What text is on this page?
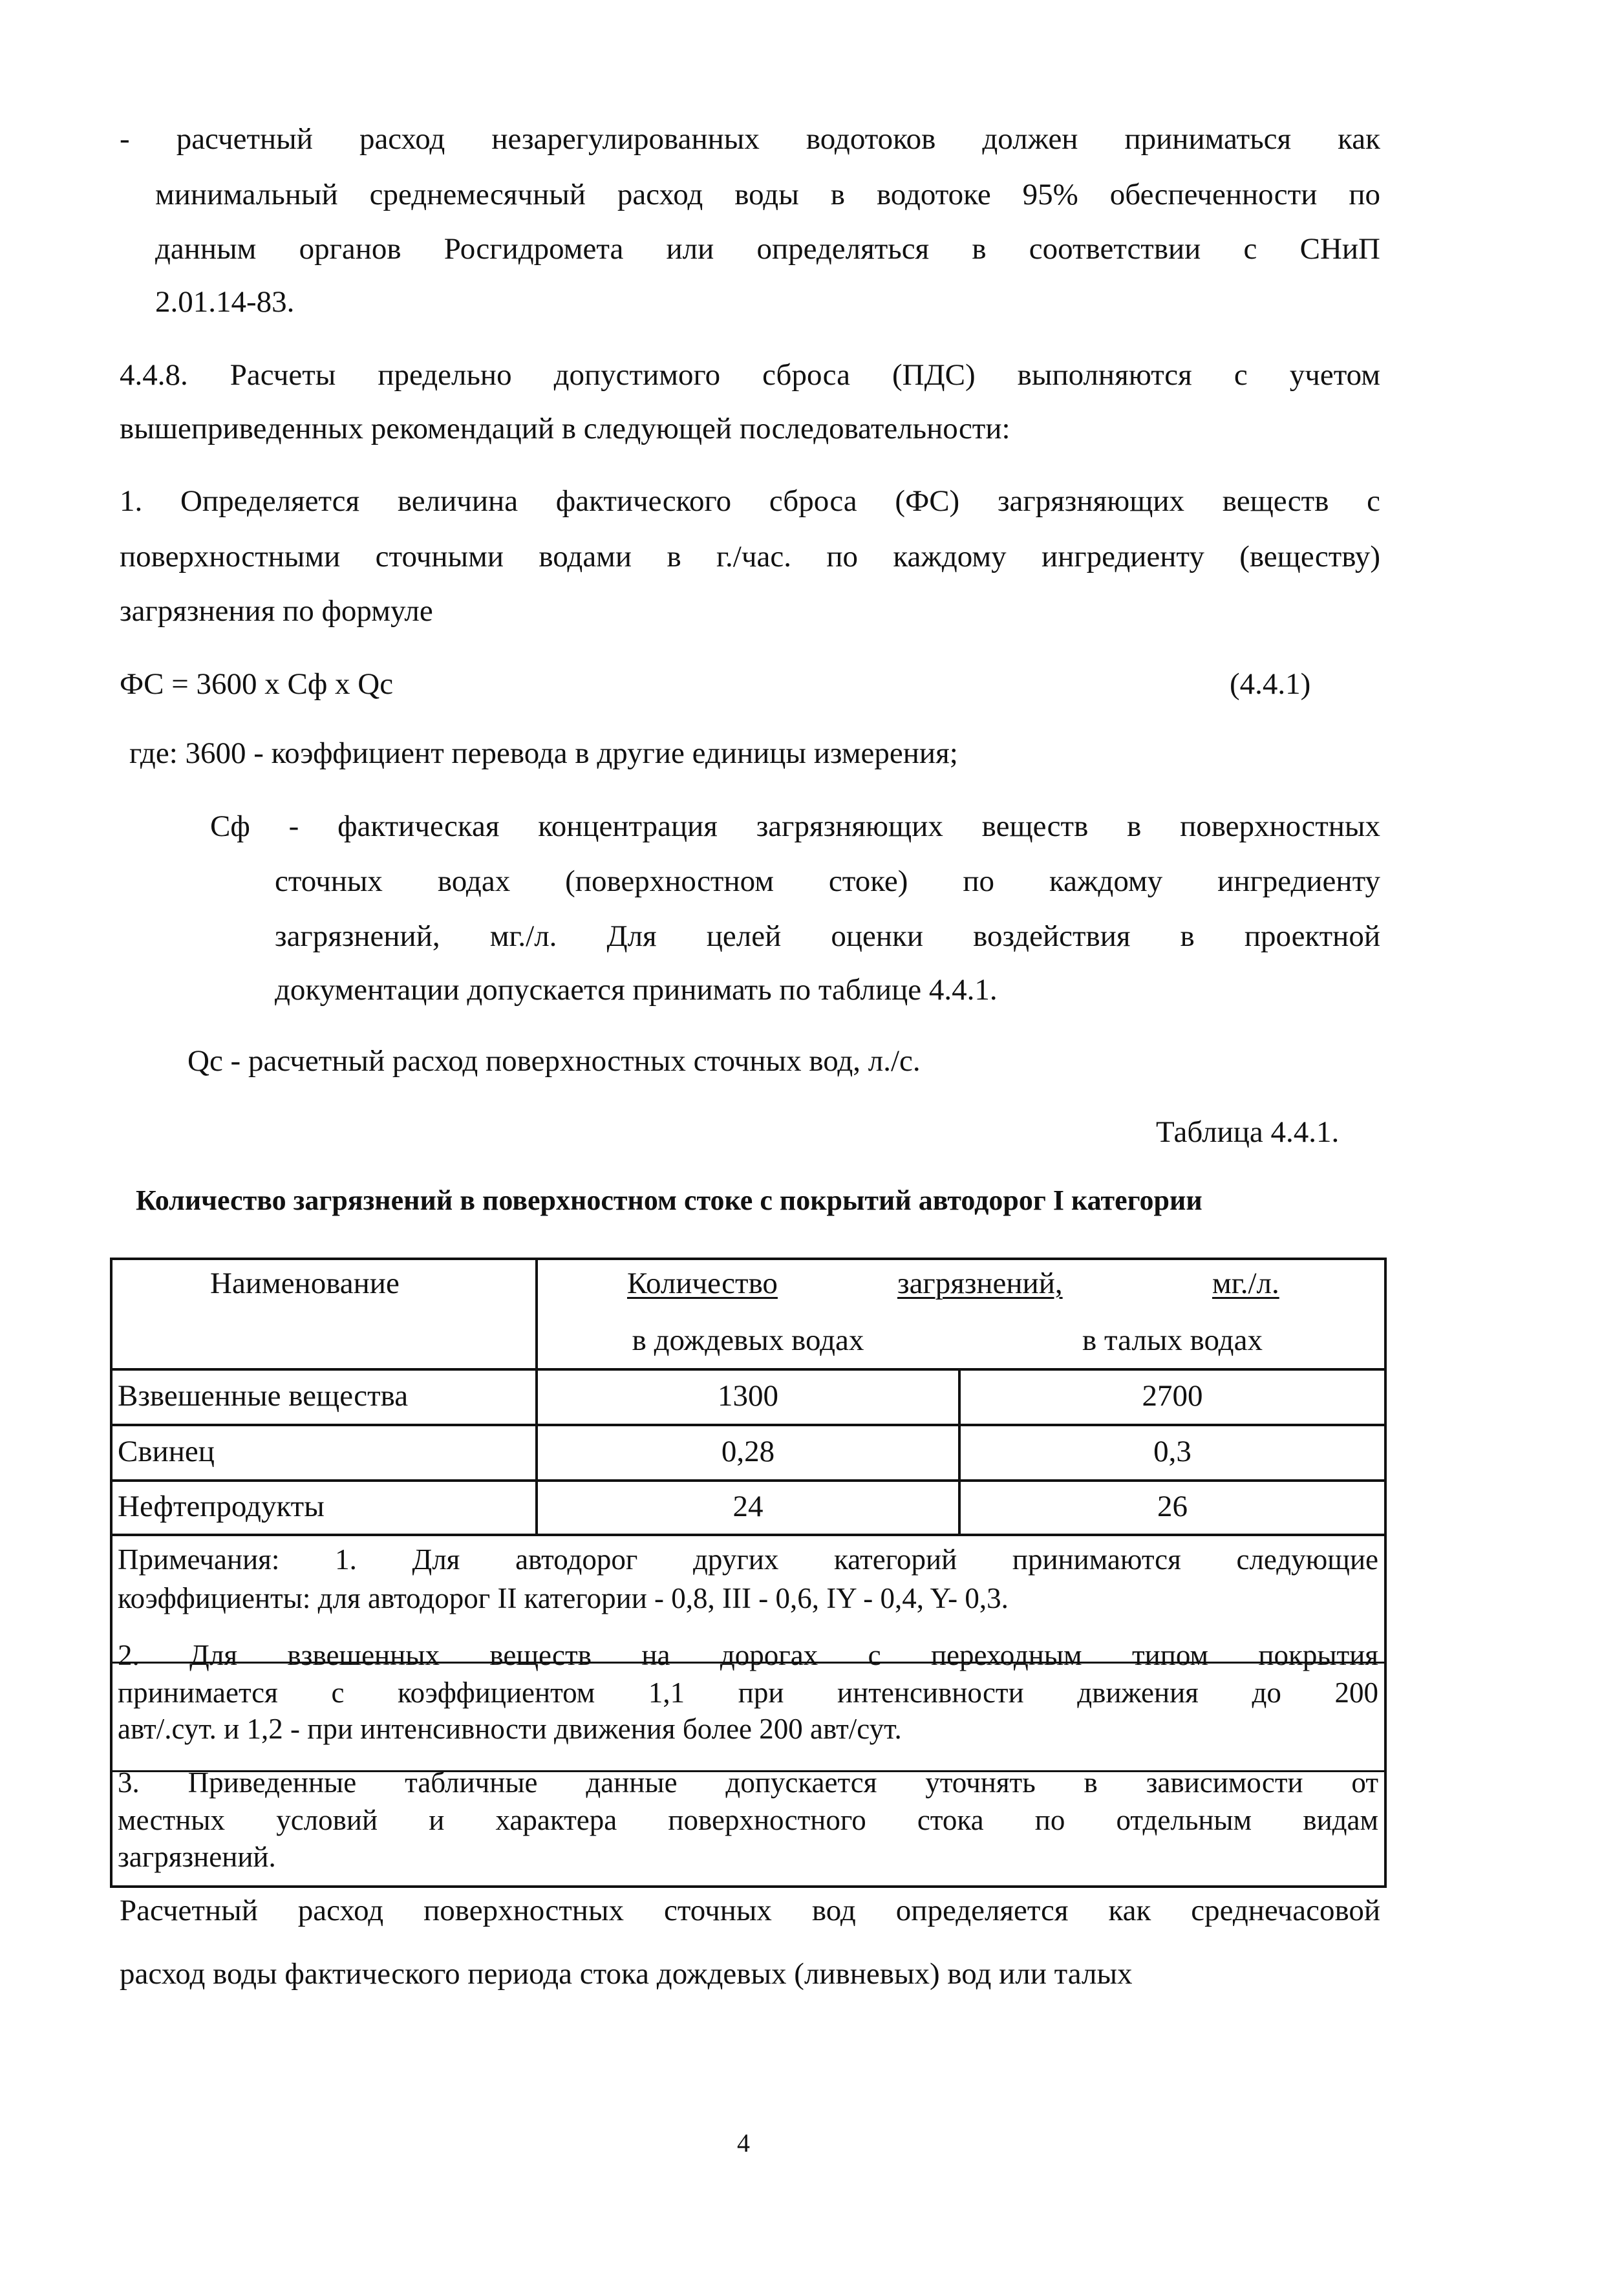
- расчетный расход незарегулированных водотоков должен приниматься как
минимальный среднемесячный расход воды в водотоке 95% обеспеченности по
данным органов Росгидромета или определяться в соответствии с СНиП
2.01.14-83.
4.4.8. Расчеты предельно допустимого сброса (ПДС) выполняются с учетом
вышеприведенных рекомендаций в следующей последовательности:
1. Определяется величина фактического сброса (ФС) загрязняющих веществ с
поверхностными сточными водами в г./час. по каждому ингредиенту (веществу)
загрязнения по формуле
ФС = 3600 х Cф х Qс	(4.4.1)
где: 3600 - коэффициент перевода в другие единицы измерения;
Cф - фактическая концентрация загрязняющих веществ в поверхностных
сточных водах (поверхностном стоке) по каждому ингредиенту
загрязнений, мг./л. Для целей оценки воздействия в проектной
документации допускается принимать по таблице 4.4.1.
Qс - расчетный расход поверхностных сточных вод, л./с.
Таблица 4.4.1.
Количество загрязнений в поверхностном стоке с покрытий автодорог I категории
Наименование	Количество	загрязнений,	мг./л.
в дождевых водах	в талых водах
Взвешенные вещества	1300	2700
Свинец	0,28	0,3
Нефтепродукты	24	26
Примечания: 1. Для автодорог других категорий принимаются следующие
коэффициенты: для автодорог II категории - 0,8, III - 0,6, IY - 0,4, Y- 0,3.
2. Для взвешенных веществ на дорогах с переходным типом покрытия
принимается с коэффициентом 1,1 при интенсивности движения до 200
авт/.сут. и 1,2 - при интенсивности движения более 200 авт/сут.
3. Приведенные табличные данные допускается уточнять в зависимости от
местных условий и характера поверхностного стока по отдельным видам
загрязнений.
Расчетный расход поверхностных сточных вод определяется как среднечасовой
расход воды фактического периода стока дождевых (ливневых) вод или талых
4
